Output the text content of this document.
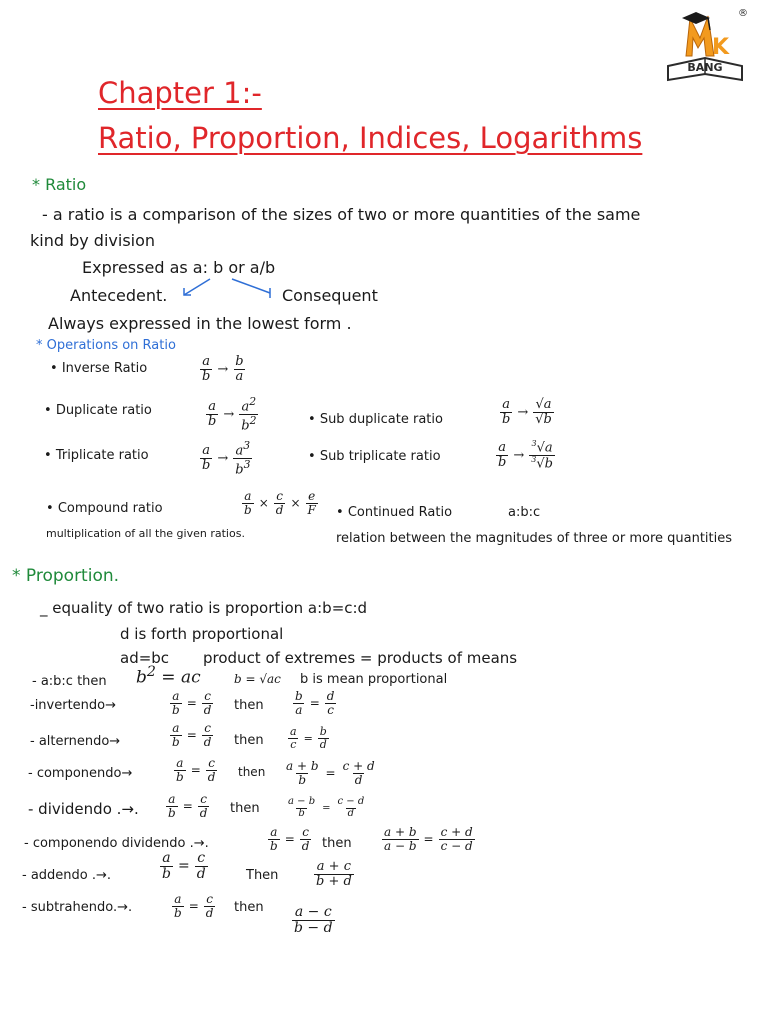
BANG
K
®
Chapter 1:-
Ratio, Proportion, Indices, Logarithms
* Ratio
- a ratio is a comparison of the sizes of two or more quantities of the same
kind by division
Expressed as a: b or a/b
Antecedent.	Consequent
Always expressed in the lowest form .
* Operations on Ratio
• Inverse Ratio	$\frac{a}{b} \to \frac{b}{a}$
• Duplicate ratio	$\frac{a}{b} \to \frac{a^2}{b^2}$	• Sub duplicate ratio	$\frac{a}{b} \to \frac{√a}{√b}$
• Triplicate ratio	$\frac{a}{b} \to \frac{a^3}{b^3}$	• Sub triplicate ratio	$\frac{a}{b} \to \frac{^3√a}{^3√b}$
• Compound ratio	$\frac{a}{b} \times \frac{c}{d} \times \frac{e}{F}$
multiplication of all the given ratios.
• Continued Ratio	a:b:c
relation between the magnitudes of three or more quantities
* Proportion.
_ equality of two ratio is proportion a:b=c:d
d is forth proportional
ad=bc product of extremes = products of means
- a:b:c then $b^2$ = ac	b = √ac b is mean proportional
-invertendo→	$\frac{a}{b} = \frac{c}{d}$ then $\frac{b}{a} = \frac{d}{c}$
- alternendo→	$\frac{a}{b} = \frac{c}{d}$ then $\frac{a}{c} = \frac{b}{d}$
- componendo→	$\frac{a}{b} = \frac{c}{d}$ then $\frac{a + b}{b} = \frac{c + d}{d}$
- dividendo .→. $\frac{a}{b} = \frac{c}{d}$ then	$\frac{a - b}{b} = \frac{c - d}{d}$
- componendo dividendo .→.	$\frac{a}{b} = \frac{c}{d}$ then	$\frac{a + b}{a - b} = \frac{c + d}{c - d}$
- addendo .→.	$\frac{a}{b} = \frac{c}{d}$	Then	$\frac{a + c}{b + d}$
- subtrahendo.→.	$\frac{a}{b} = \frac{c}{d}$ then $\frac{a - c}{b - d}$
